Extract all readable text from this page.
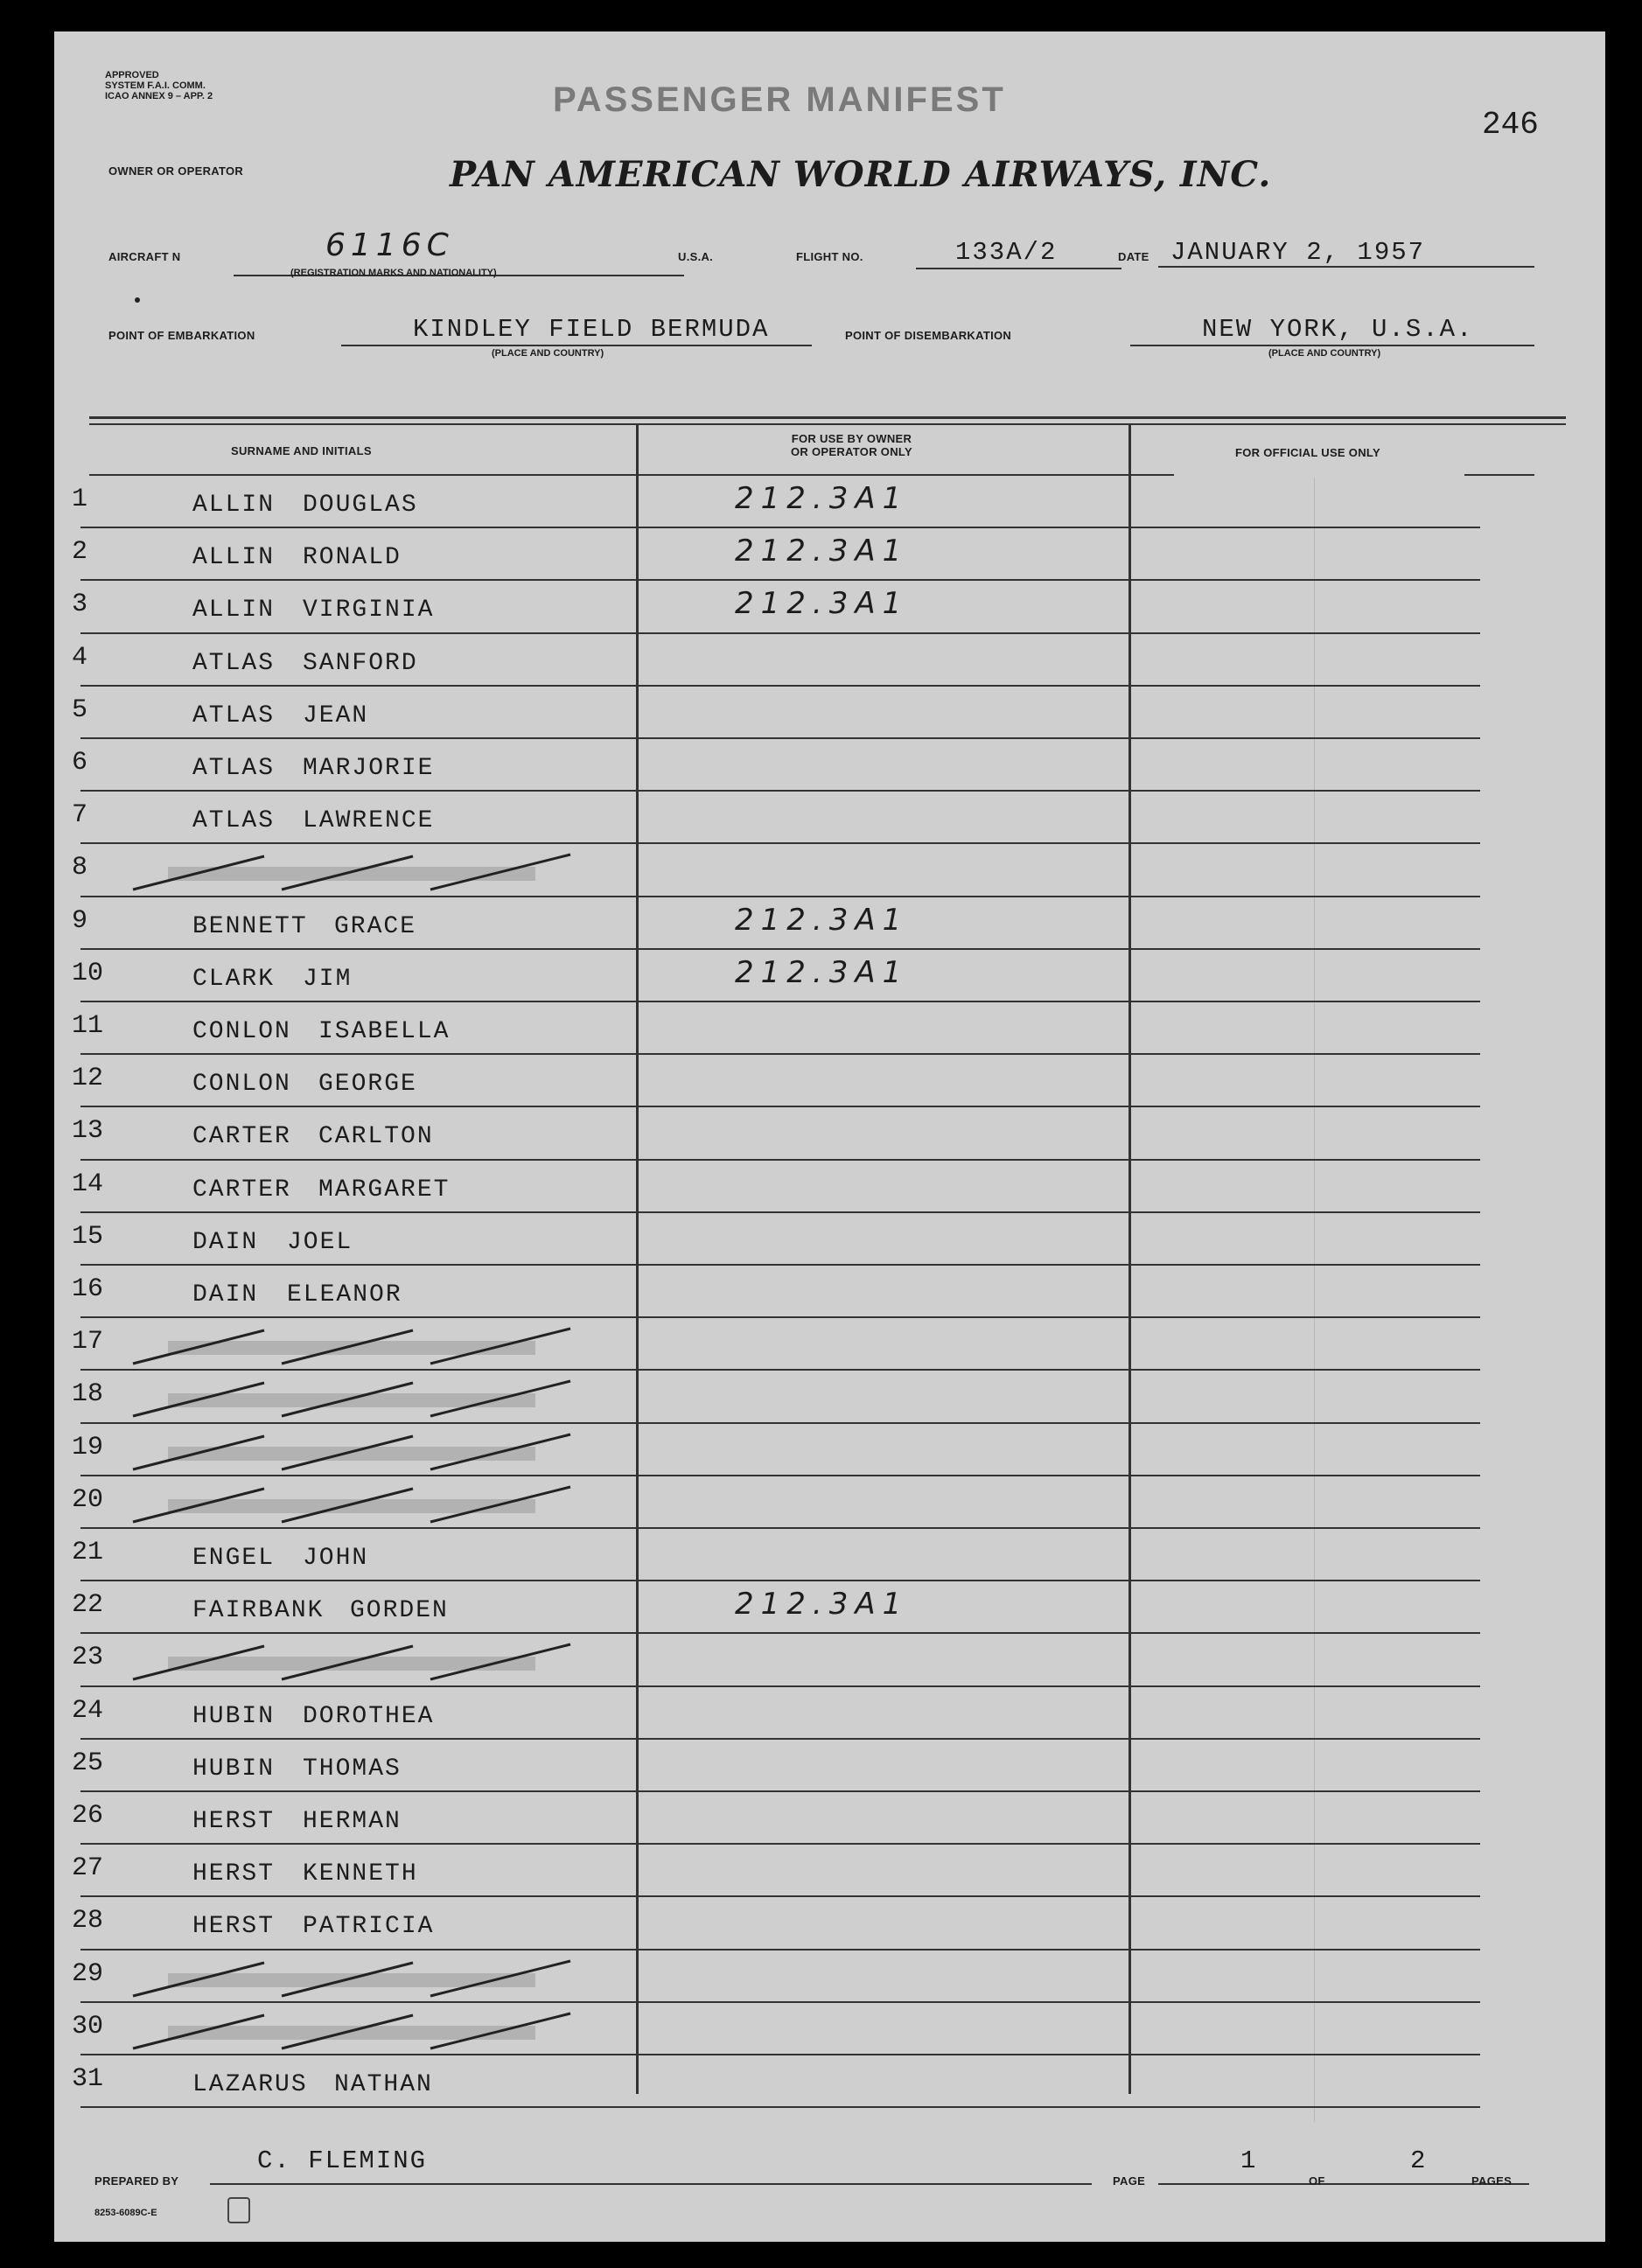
APPROVED
SYSTEM F.A.I. COMM.
ICAO ANNEX 9 – APP. 2	PASSENGER MANIFEST
246
OWNER OR OPERATOR	PAN AMERICAN WORLD AIRWAYS, INC.
AIRCRAFT N	6116C
(REGISTRATION MARKS AND NATIONALITY)
U.S.A.	FLIGHT NO.	133A/2	DATE JANUARY 2, 1957
POINT OF EMBARKATION	KINDLEY FIELD BERMUDA
(PLACE AND COUNTRY)
POINT OF DISEMBARKATION	NEW YORK, U.S.A.
(PLACE AND COUNTRY)
SURNAME AND INITIALS
FOR USE BY OWNER
OR OPERATOR ONLY	FOR OFFICIAL USE ONLY
1	ALLIN DOUGLAS	212.3A1
2	ALLIN RONALD	212.3A1
3	ALLIN VIRGINIA	212.3A1
4	ATLAS SANFORD
5	ATLAS JEAN
6	ATLAS MARJORIE
7	ATLAS LAWRENCE
8
9	BENNETT GRACE	212.3A1
10	CLARK JIM	212.3A1
11	CONLON ISABELLA
12	CONLON GEORGE
13	CARTER CARLTON
14	CARTER MARGARET
15	DAIN JOEL
16	DAIN ELEANOR
17
18
19
20
21	ENGEL JOHN
22	FAIRBANK GORDEN	212.3A1
23
24	HUBIN DOROTHEA
25	HUBIN THOMAS
26	HERST HERMAN
27	HERST KENNETH
28	HERST PATRICIA
29
30
31	LAZARUS NATHAN
PREPARED BY
C. FLEMING
PAGE
1
OF
2
PAGES
8253-6089C-E
